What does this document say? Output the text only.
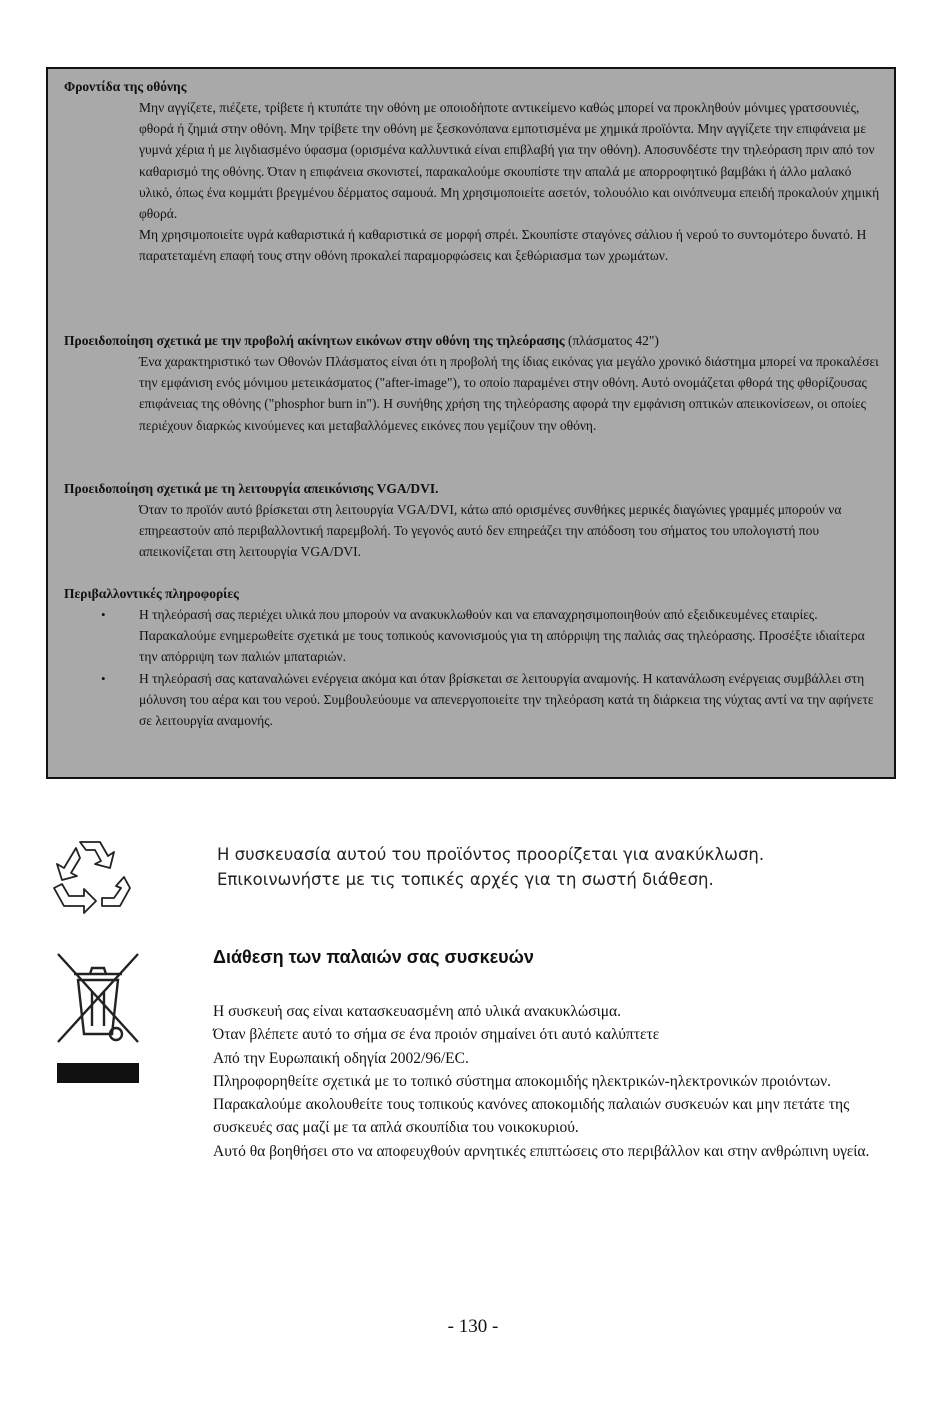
Φροντίδα της οθόνης

Μην αγγίζετε, πιέζετε, τρίβετε ή κτυπάτε την οθόνη με οποιοδήποτε αντικείμενο καθώς μπορεί να προκληθούν μόνιμες γρατσουνιές, φθορά ή ζημιά στην οθόνη. Μην τρίβετε την οθόνη με ξεσκονόπανα εμποτισμένα με χημικά προϊόντα. Μην αγγίζετε την επιφάνεια με γυμνά χέρια ή με λιγδιασμένο ύφασμα (ορισμένα καλλυντικά είναι επιβλαβή για την οθόνη). Αποσυνδέστε την τηλεόραση πριν από τον καθαρισμό της οθόνης. Όταν η επιφάνεια σκονιστεί, παρακαλούμε σκουπίστε την απαλά με απορροφητικό βαμβάκι ή άλλο μαλακό υλικό, όπως ένα κομμάτι βρεγμένου δέρματος σαμουά. Μη χρησιμοποιείτε ασετόν, τολουόλιο και οινόπνευμα επειδή προκαλούν χημική φθορά.

Μη χρησιμοποιείτε υγρά καθαριστικά ή καθαριστικά σε μορφή σπρέι. Σκουπίστε σταγόνες σάλιου ή νερού το συντομότερο δυνατό. Η παρατεταμένη επαφή τους στην οθόνη προκαλεί παραμορφώσεις και ξεθώριασμα των χρωμάτων.

Προειδοποίηση σχετικά με την προβολή ακίνητων εικόνων στην οθόνη της τηλεόρασης (πλάσματος 42")

Ένα χαρακτηριστικό των Οθονών Πλάσματος είναι ότι η προβολή της ίδιας εικόνας για μεγάλο χρονικό διάστημα μπορεί να προκαλέσει την εμφάνιση ενός μόνιμου μετεικάσματος ("after-image"), το οποίο παραμένει στην οθόνη. Αυτό ονομάζεται φθορά της φθορίζουσας επιφάνειας της οθόνης ("phosphor burn in"). Η συνήθης χρήση της τηλεόρασης αφορά την εμφάνιση οπτικών απεικονίσεων, οι οποίες περιέχουν διαρκώς κινούμενες και μεταβαλλόμενες εικόνες που γεμίζουν την οθόνη.

Προειδοποίηση σχετικά με τη λειτουργία απεικόνισης VGA/DVI.

Όταν το προϊόν αυτό βρίσκεται στη λειτουργία VGA/DVI, κάτω από ορισμένες συνθήκες μερικές διαγώνιες γραμμές μπορούν να επηρεαστούν από περιβαλλοντική παρεμβολή. Το γεγονός αυτό δεν επηρεάζει την απόδοση του σήματος του υπολογιστή που απεικονίζεται στη λειτουργία VGA/DVI.

Περιβαλλοντικές πληροφορίες

• Η τηλεόρασή σας περιέχει υλικά που μπορούν να ανακυκλωθούν και να επαναχρησιμοποιηθούν από εξειδικευμένες εταιρίες. Παρακαλούμε ενημερωθείτε σχετικά με τους τοπικούς κανονισμούς για τη απόρριψη της παλιάς σας τηλεόρασης. Προσέξτε ιδιαίτερα την απόρριψη των παλιών μπαταριών.
• Η τηλεόρασή σας καταναλώνει ενέργεια ακόμα και όταν βρίσκεται σε λειτουργία αναμονής. Η κατανάλωση ενέργειας συμβάλλει στη μόλυνση του αέρα και του νερού. Συμβουλεύουμε να απενεργοποιείτε την τηλεόραση κατά τη διάρκεια της νύχτας αντί να την αφήνετε σε λειτουργία αναμονής.

Η συσκευασία αυτού του προϊόντος προορίζεται για ανακύκλωση.
Επικοινωνήστε με τις τοπικές αρχές για τη σωστή διάθεση.

Διάθεση των παλαιών σας συσκευών

Η συσκευή σας είναι κατασκευασμένη από υλικά ανακυκλώσιμα.
Όταν βλέπετε αυτό το σήμα σε ένα προιόν σημαίνει ότι αυτό καλύπτετε
Από την Ευρωπαική οδηγία 2002/96/EC.
Πληροφορηθείτε σχετικά με το τοπικό σύστημα αποκομιδής ηλεκτρικών-ηλεκτρονικών προιόντων.
Παρακαλούμε ακολουθείτε τους τοπικούς κανόνες αποκομιδής παλαιών συσκευών και μην πετάτε της συσκευές σας μαζί με τα απλά σκουπίδια του νοικοκυριού.
Αυτό θα βοηθήσει στο να αποφευχθούν αρνητικές επιπτώσεις στο περιβάλλον και στην ανθρώπινη υγεία.
- 130 -
